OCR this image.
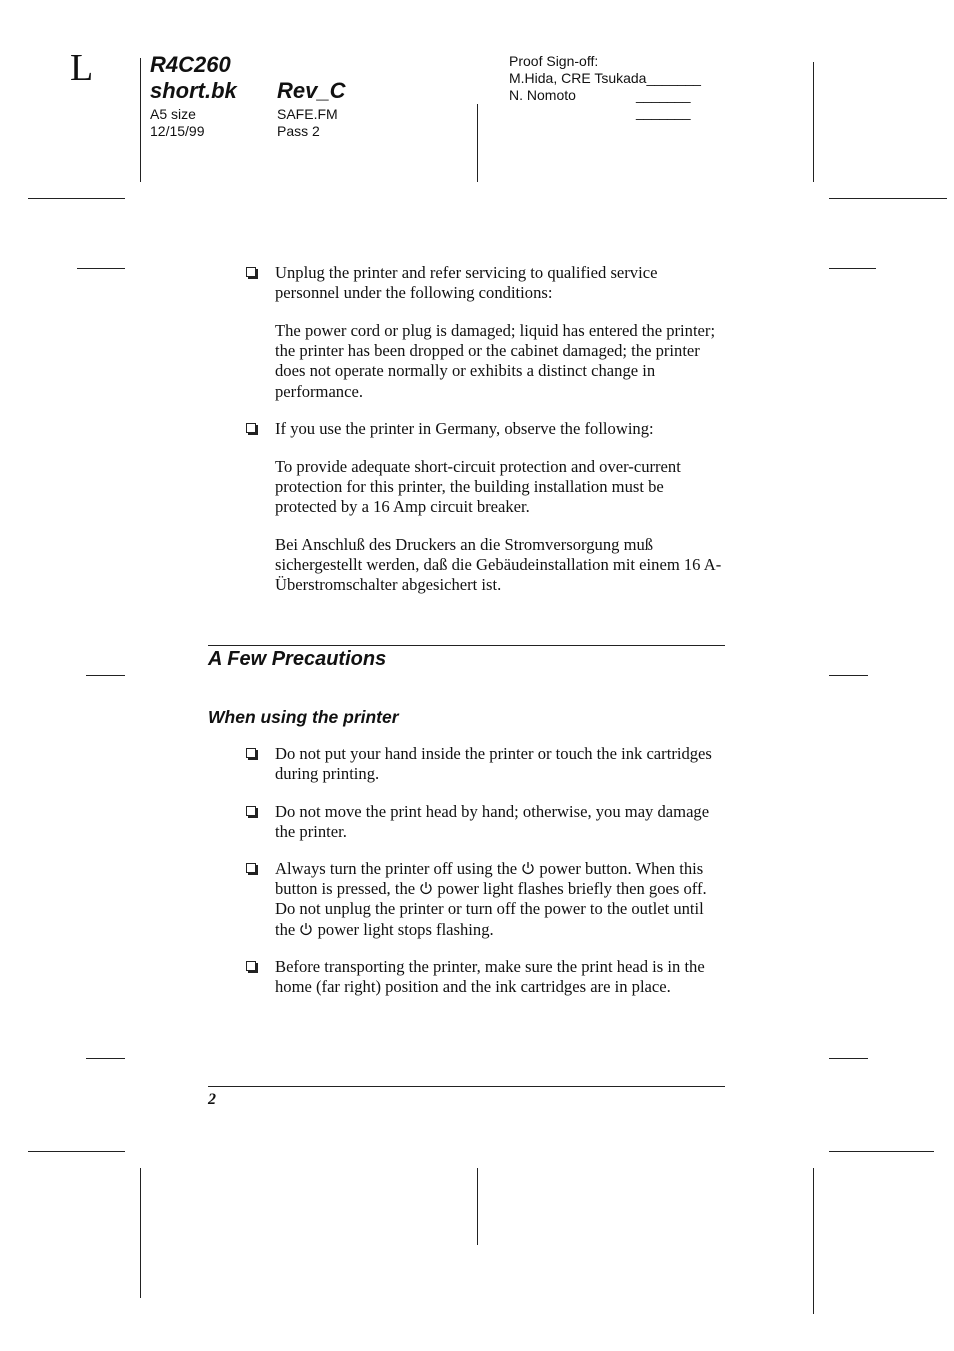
L	R4C260
short.bk Rev_C
A5 size
12/15/99
SAFE.FM
Pass 2
Proof Sign-off:
M.Hida, CRE Tsukada_______
N. Nomoto	_______
_______
Unplug the printer and refer servicing to qualified service personnel under the following conditions:
The power cord or plug is damaged; liquid has entered the printer; the printer has been dropped or the cabinet damaged; the printer does not operate normally or exhibits a distinct change in performance.
If you use the printer in Germany, observe the following:
To provide adequate short-circuit protection and over-current protection for this printer, the building installation must be protected by a 16 Amp circuit breaker.
Bei Anschluß des Druckers an die Stromversorgung muß sichergestellt werden, daß die Gebäudeinstallation mit einem 16 A-Überstromschalter abgesichert ist.
A Few Precautions
When using the printer
Do not put your hand inside the printer or touch the ink cartridges during printing.
Do not move the print head by hand; otherwise, you may damage the printer.
Always turn the printer off using the power button. When this button is pressed, the power light flashes briefly then goes off. Do not unplug the printer or turn off the power to the outlet until the power light stops flashing.
Before transporting the printer, make sure the print head is in the home (far right) position and the ink cartridges are in place.
2
